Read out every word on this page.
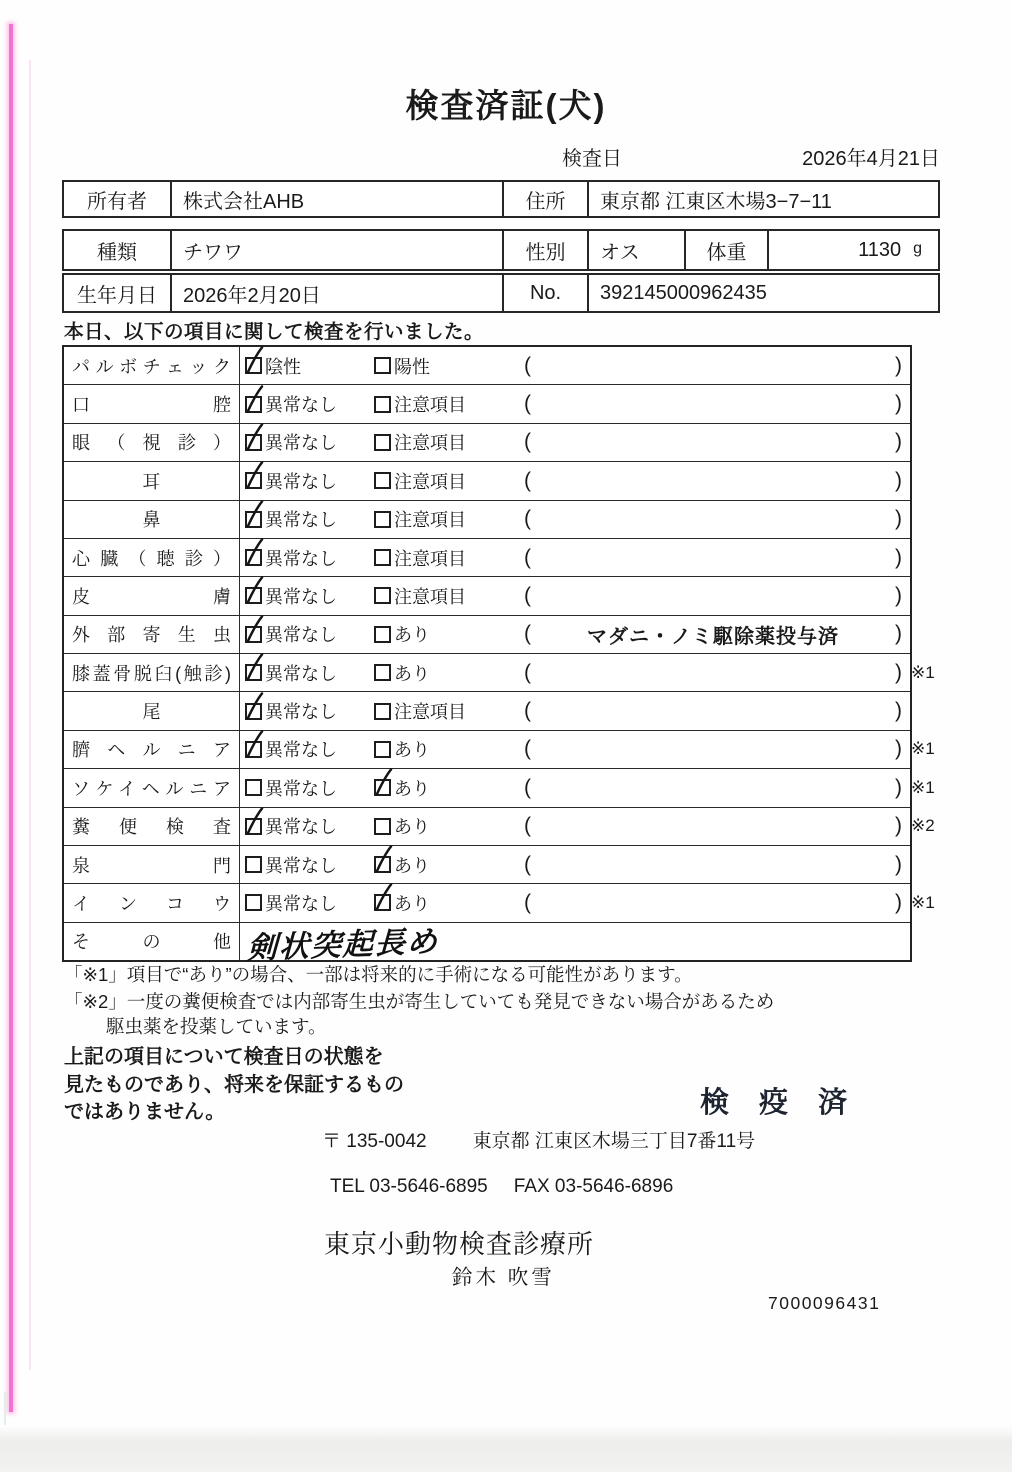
検査済証(犬)
検査日	2026年4月21日
所有者	株式会社AHB	住所	東京都 江東区木場3−7−11
種類	チワワ	性別	オス	体重	1130 g
生年月日	2026年2月20日	No.	392145000962435
本日、以下の項目に関して検査を行いました。
パルボチェック 陰性	陽性	(	)
口腔 異常なし	注意項目	(	)
眼（視診） 異常なし	注意項目	(	)
耳	異常なし	注意項目	(	)
鼻	異常なし	注意項目	(	)
心臓（聴診） 異常なし	注意項目	(	)
皮膚 異常なし	注意項目	(	)
外部寄生虫 異常なし	あり	(	マダニ・ノミ駆除薬投与済	)
膝蓋骨脱臼(触診) 異常なし	あり	(	) ※1
尾	異常なし	注意項目	(	)
臍ヘルニア 異常なし	あり	(	) ※1
ソケイヘルニア 異常なし	あり	(	) ※1
糞便検査 異常なし	あり	(	) ※2
泉門 異常なし	あり	(	)
インコウ 異常なし	あり	(	) ※1
その他 剣状突起長め
「※1」項目で“あり”の場合、一部は将来的に手術になる可能性があります。
「※2」一度の糞便検査では内部寄生虫が寄生していても発見できない場合があるため
駆虫薬を投薬しています。
上記の項目について検査日の状態を
見たものであり、将来を保証するもの
ではありません。	検 疫 済
〒 135-0042 東京都 江東区木場三丁目7番11号
TEL 03-5646-6895 FAX 03-5646-6896
東京小動物検査診療所
鈴木 吹雪
7000096431
